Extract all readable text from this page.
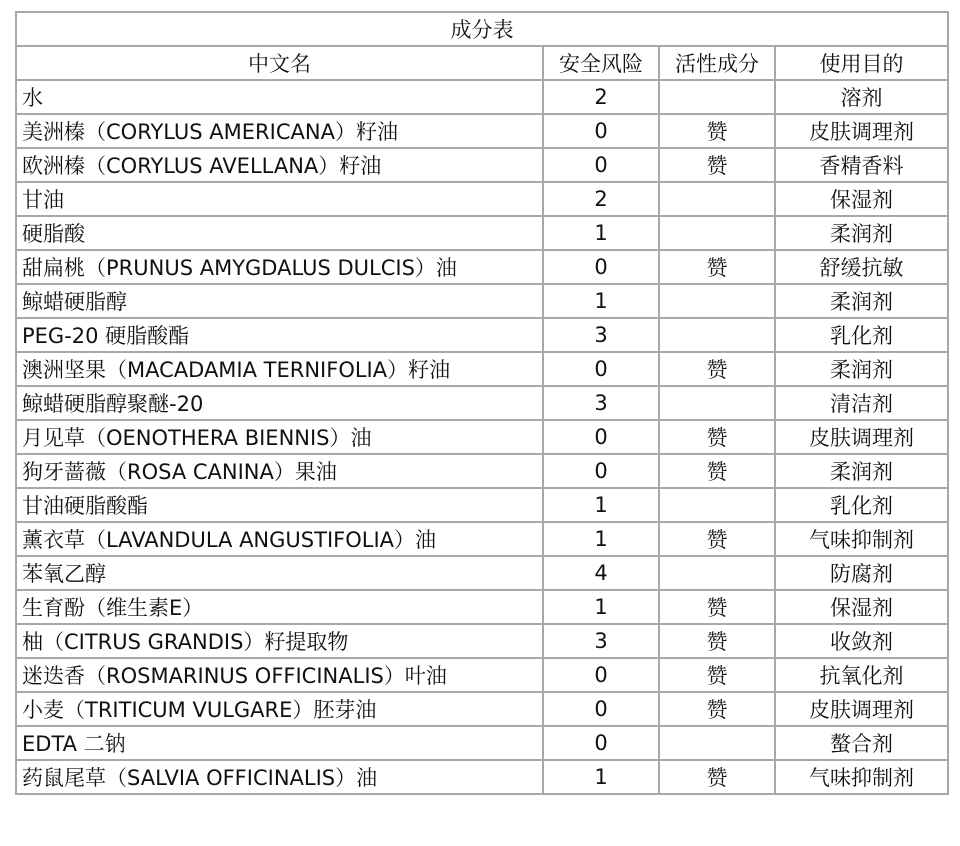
成分表			
中文名	安全风险	活性成分	使用目的
水	2		溶剂
美洲榛（CORYLUS AMERICANA）籽油	0	赞	皮肤调理剂
欧洲榛（CORYLUS AVELLANA）籽油	0	赞	香精香料
甘油	2		保湿剂
硬脂酸	1		柔润剂
甜扁桃（PRUNUS AMYGDALUS DULCIS）油	0	赞	舒缓抗敏
鲸蜡硬脂醇	1		柔润剂
PEG-20 硬脂酸酯	3		乳化剂
澳洲坚果（MACADAMIA TERNIFOLIA）籽油	0	赞	柔润剂
鲸蜡硬脂醇聚醚-20	3		清洁剂
月见草（OENOTHERA BIENNIS）油	0	赞	皮肤调理剂
狗牙蔷薇（ROSA CANINA）果油	0	赞	柔润剂
甘油硬脂酸酯	1		乳化剂
薰衣草（LAVANDULA ANGUSTIFOLIA）油	1	赞	气味抑制剂
苯氧乙醇	4		防腐剂
生育酚（维生素E）	1	赞	保湿剂
柚（CITRUS GRANDIS）籽提取物	3	赞	收敛剂
迷迭香（ROSMARINUS OFFICINALIS）叶油	0	赞	抗氧化剂
小麦（TRITICUM VULGARE）胚芽油	0	赞	皮肤调理剂
EDTA 二钠	0		螯合剂
药鼠尾草（SALVIA OFFICINALIS）油	1	赞	气味抑制剂
